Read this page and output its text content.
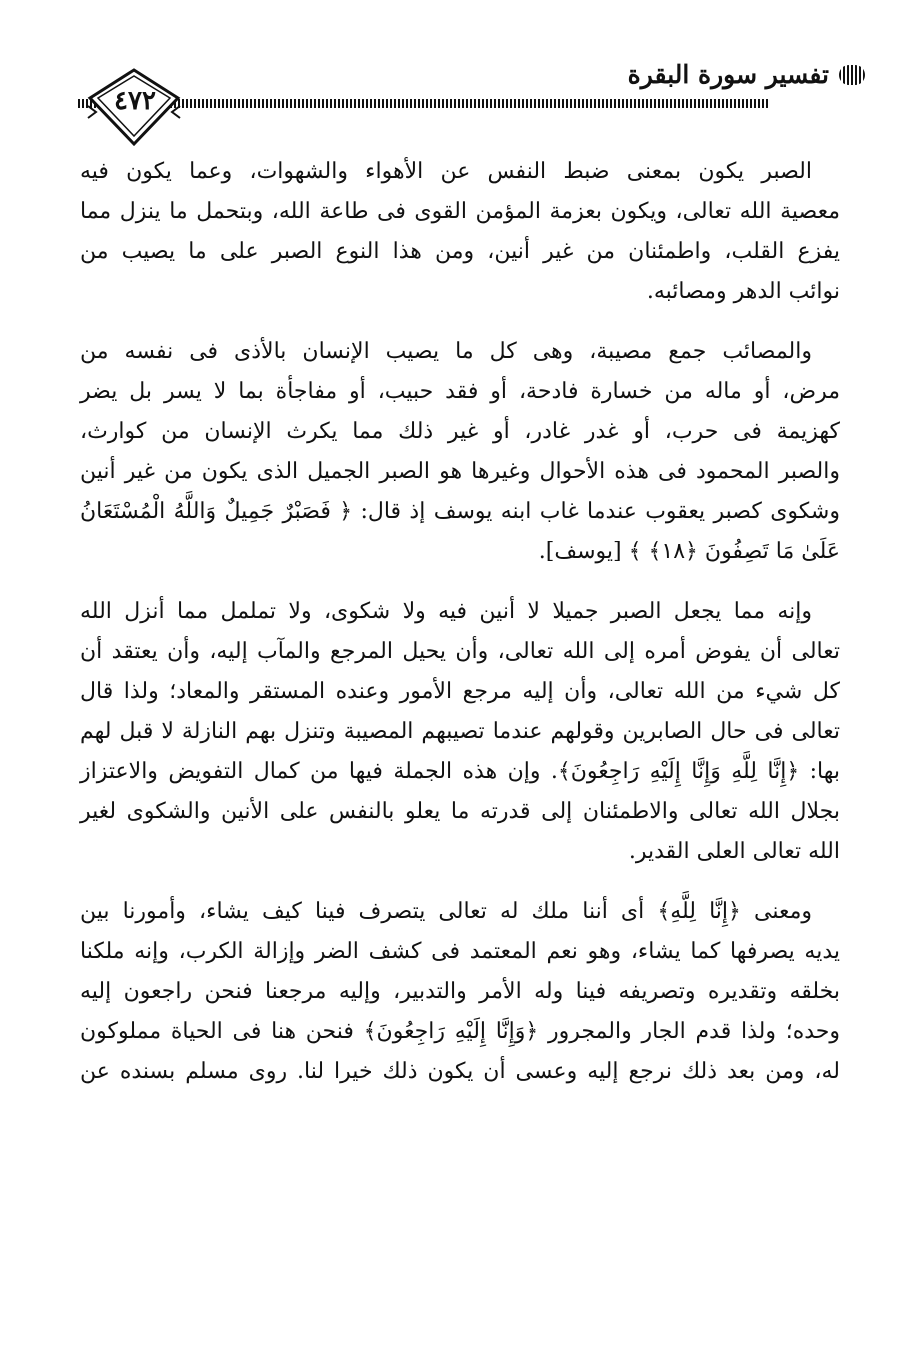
تفسير سورة البقرة
٤٧٢

الصبر يكون بمعنى ضبط النفس عن الأهواء والشهوات، وعما يكون فيه
معصية الله تعالى، ويكون بعزمة المؤمن القوى فى طاعة الله، وبتحمل ما ينزل مما
يفزع القلب، واطمئنان من غير أنين، ومن هذا النوع الصبر على ما يصيب من
نوائب الدهر ومصائبه.

والمصائب جمع مصيبة، وهى كل ما يصيب الإنسان بالأذى فى نفسه من
مرض، أو ماله من خسارة فادحة، أو فقد حبيب، أو مفاجأة بما لا يسر بل يضر
كهزيمة فى حرب، أو غدر غادر، أو غير ذلك مما يكرث الإنسان من كوارث،
والصبر المحمود فى هذه الأحوال وغيرها هو الصبر الجميل الذى يكون من غير أنين
وشكوى كصبر يعقوب عندما غاب ابنه يوسف إذ قال: ﴿ فَصَبْرٌ جَمِيلٌ وَاللَّهُ الْمُسْتَعَانُ
عَلَىٰ مَا تَصِفُونَ ﴿١٨﴾ ﴾ [يوسف].

وإنه مما يجعل الصبر جميلا لا أنين فيه ولا شكوى، ولا تململ مما أنزل الله
تعالى أن يفوض أمره إلى الله تعالى، وأن يحيل المرجع والمآب إليه، وأن يعتقد أن
كل شيء من الله تعالى، وأن إليه مرجع الأمور وعنده المستقر والمعاد؛ ولذا قال
تعالى فى حال الصابرين وقولهم عندما تصيبهم المصيبة وتنزل بهم النازلة لا قبل لهم
بها: ﴿إِنَّا لِلَّهِ وَإِنَّا إِلَيْهِ رَاجِعُونَ﴾. وإن هذه الجملة فيها من كمال التفويض والاعتزاز
بجلال الله تعالى والاطمئنان إلى قدرته ما يعلو بالنفس على الأنين والشكوى لغير
الله تعالى العلى القدير.

ومعنى ﴿إِنَّا لِلَّهِ﴾ أى أننا ملك له تعالى يتصرف فينا كيف يشاء، وأمورنا بين
يديه يصرفها كما يشاء، وهو نعم المعتمد فى كشف الضر وإزالة الكرب، وإنه ملكنا
بخلقه وتقديره وتصريفه فينا وله الأمر والتدبير، وإليه مرجعنا فنحن راجعون إليه
وحده؛ ولذا قدم الجار والمجرور ﴿وَإِنَّا إِلَيْهِ رَاجِعُونَ﴾ فنحن هنا فى الحياة مملوكون
له، ومن بعد ذلك نرجع إليه وعسى أن يكون ذلك خيرا لنا. روى مسلم بسنده عن
